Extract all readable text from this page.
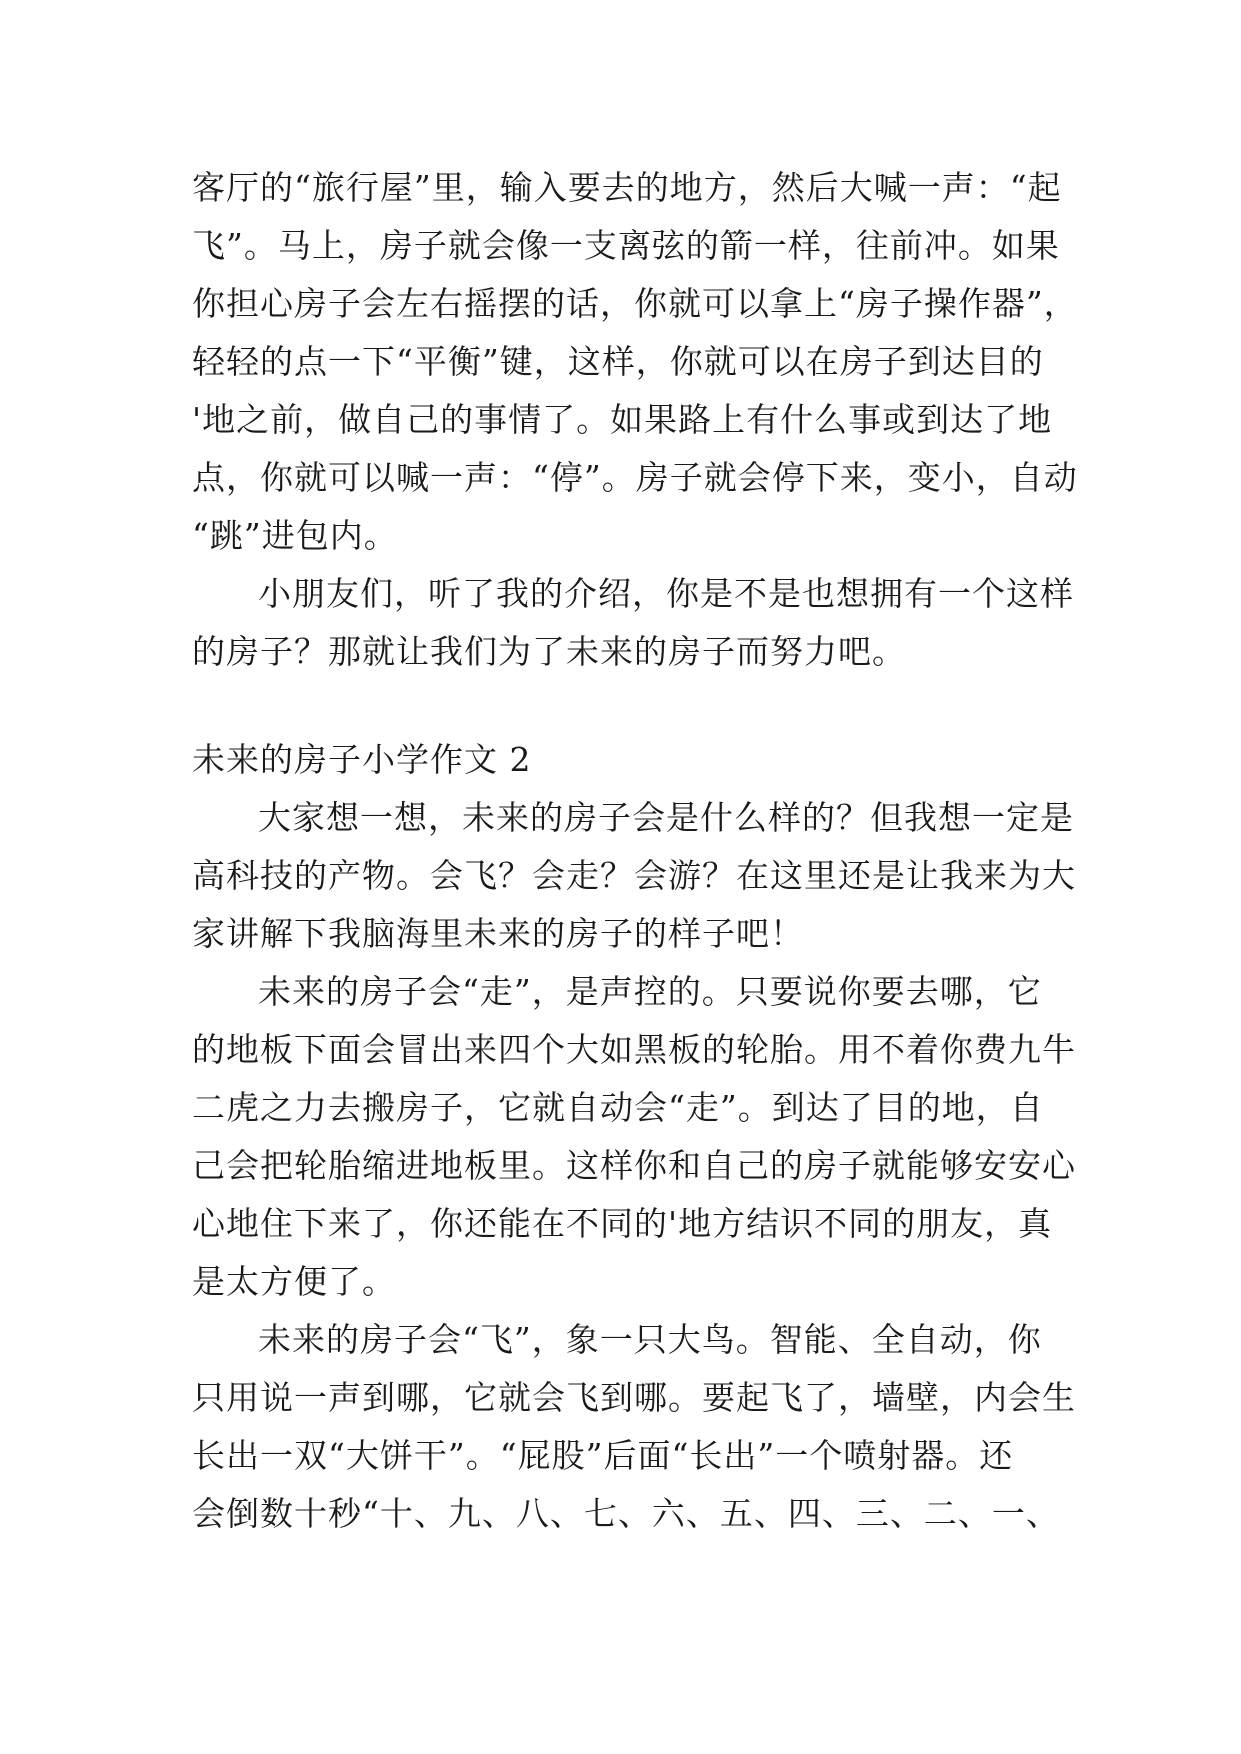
客厅的“旅行屋”里，输入要去的地方，然后大喊一声：“起
飞”。马上，房子就会像一支离弦的箭一样，往前冲。如果
你担心房子会左右摇摆的话，你就可以拿上“房子操作器”，
轻轻的点一下“平衡”键，这样，你就可以在房子到达目的
'地之前，做自己的事情了。如果路上有什么事或到达了地
点，你就可以喊一声：“停”。房子就会停下来，变小，自动
“跳”进包内。
小朋友们，听了我的介绍，你是不是也想拥有一个这样
的房子？那就让我们为了未来的房子而努力吧。
未来的房子小学作文 2
大家想一想，未来的房子会是什么样的？但我想一定是
高科技的产物。会飞？会走？会游？在这里还是让我来为大
家讲解下我脑海里未来的房子的样子吧！
未来的房子会“走”，是声控的。只要说你要去哪，它
的地板下面会冒出来四个大如黑板的轮胎。用不着你费九牛
二虎之力去搬房子，它就自动会“走”。到达了目的地，自
己会把轮胎缩进地板里。这样你和自己的房子就能够安安心
心地住下来了，你还能在不同的'地方结识不同的朋友，真
是太方便了。
未来的房子会“飞”，象一只大鸟。智能、全自动，你
只用说一声到哪，它就会飞到哪。要起飞了，墙壁，内会生
长出一双“大饼干”。“屁股”后面“长出”一个喷射器。还
会倒数十秒“十、九、八、七、六、五、四、三、二、一、
